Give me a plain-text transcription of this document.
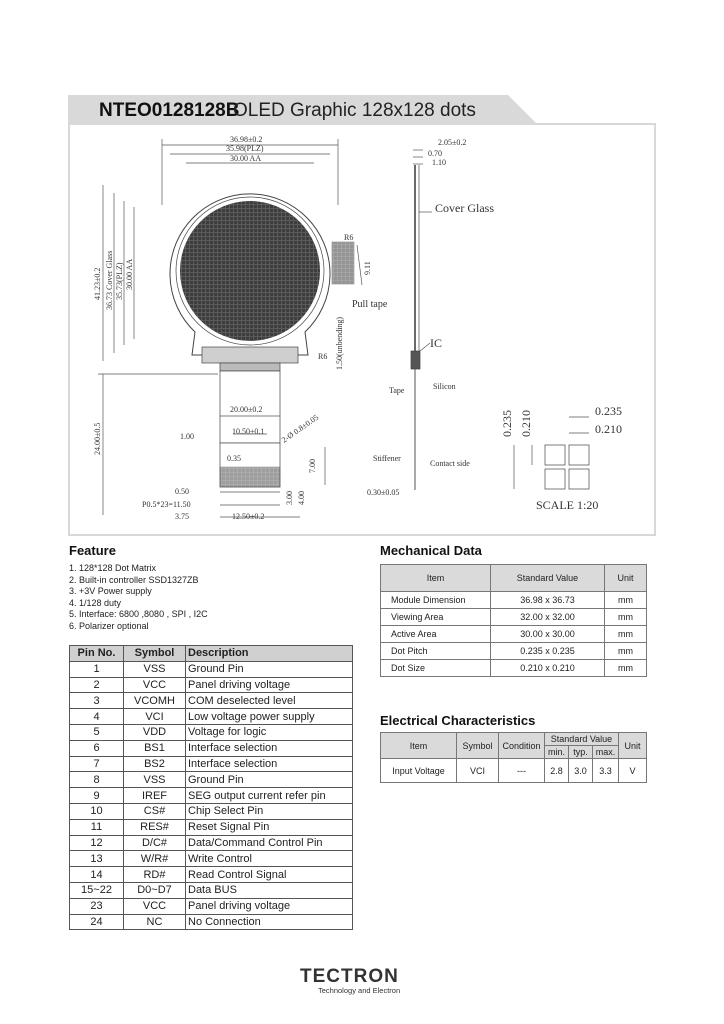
NTEO0128128B
OLED Graphic 128x128 dots
36.98±0.2
35.98(PLZ)
30.00 AA
41.23±0.2 36.73 Cover Glass 35.73(PLZ) 30.00 AA
R6
9.11
Pull tape
1.50(unbending)
R6
20.00±0.2
24.00±0.5	10.50±0.1 2-Ø 0.8±0.05
1.00
0.35
7.00
0.50
P0.5*23=11.50	3.00 4.00
3.75	12.50±0.2
2.05±0.2
0.70
1.10
Cover Glass
IC
Tape	Silicon
Stiffener
Contact side
0.30±0.05
0.235 0.210	0.235
0.210
SCALE 1:20
Feature
1. 128*128 Dot Matrix
2. Built-in controller SSD1327ZB
3. +3V Power supply
4. 1/128 duty
5. Interface: 6800 ,8080 , SPI , I2C
6. Polarizer optional
Pin No.	Symbol	Description
1	VSS	Ground Pin
2	VCC	Panel driving voltage
3	VCOMH	COM deselected level
4	VCI	Low voltage power supply
5	VDD	Voltage for logic
6	BS1	Interface selection
7	BS2	Interface selection
8	VSS	Ground Pin
9	IREF	SEG output current refer pin
10	CS#	Chip Select Pin
11	RES#	Reset Signal Pin
12	D/C#	Data/Command Control Pin
13	W/R#	Write Control
14	RD#	Read Control Signal
15~22	D0~D7	Data BUS
23	VCC	Panel driving voltage
24	NC	No Connection
Mechanical Data
Item	Standard Value	Unit
Module Dimension	36.98 x 36.73	mm
Viewing Area	32.00 x 32.00	mm
Active Area	30.00 x 30.00	mm
Dot Pitch	0.235 x 0.235	mm
Dot Size	0.210 x 0.210	mm
Electrical Characteristics
Item	Symbol	Condition	Standard Value			Unit
			min.	typ.	max.	
Input Voltage	VCI	---	2.8	3.0	3.3	V
TECTRON
Technology and Electron
